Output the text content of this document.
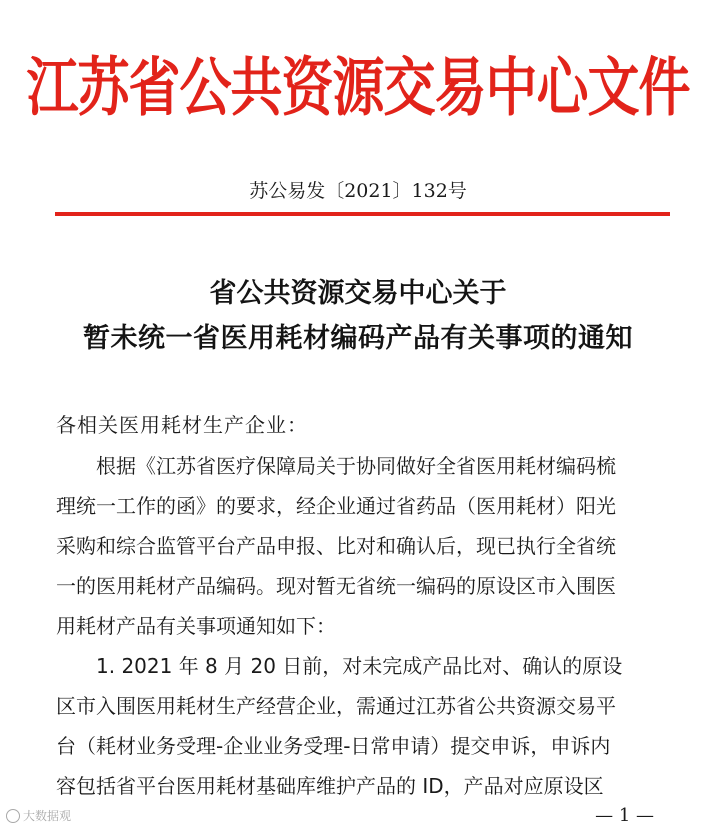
江苏省公共资源交易中心文件
苏公易发〔2021〕132号
省公共资源交易中心关于
暂未统一省医用耗材编码产品有关事项的通知
各相关医用耗材生产企业：
根据《江苏省医疗保障局关于协同做好全省医用耗材编码梳
理统一工作的函》的要求，经企业通过省药品（医用耗材）阳光
采购和综合监管平台产品申报、比对和确认后，现已执行全省统
一的医用耗材产品编码。现对暂无省统一编码的原设区市入围医
用耗材产品有关事项通知如下：
1. 2021 年 8 月 20 日前，对未完成产品比对、确认的原设
区市入围医用耗材生产经营企业，需通过江苏省公共资源交易平
台（耗材业务受理-企业业务受理-日常申请）提交申诉，申诉内
容包括省平台医用耗材基础库维护产品的 ID，产品对应原设区
— 1 —
大数据观
